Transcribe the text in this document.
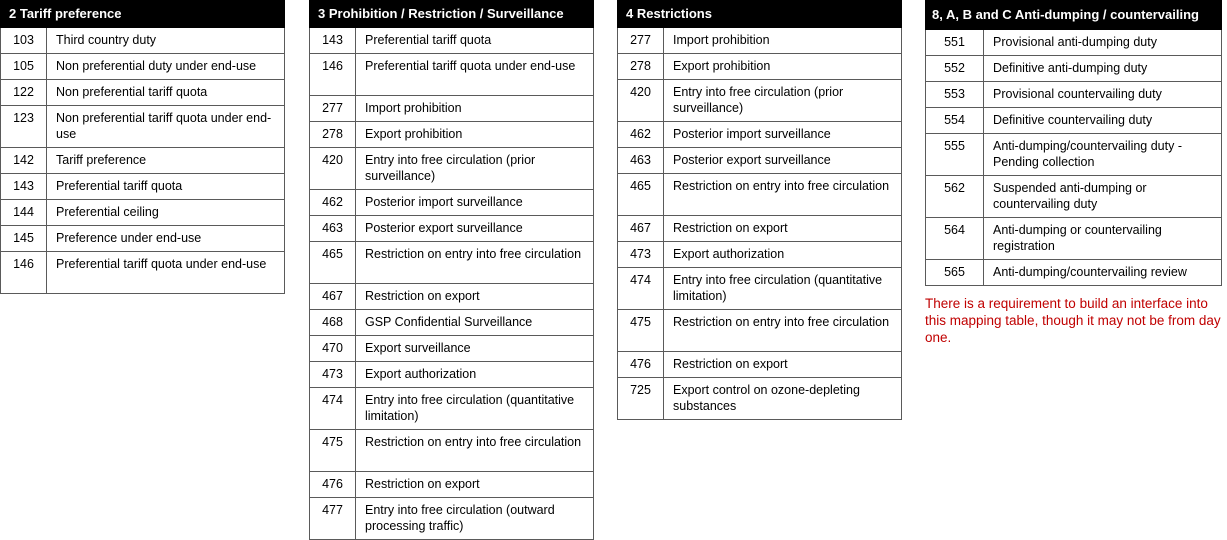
2 Tariff preference	
103	Third country duty
105	Non preferential duty under end-use
122	Non preferential tariff quota
123	Non preferential tariff quota under end-use
142	Tariff preference
143	Preferential tariff quota
144	Preferential ceiling
145	Preference under end-use
146	Preferential tariff quota under end-use
3 Prohibition / Restriction / Surveillance	
143	Preferential tariff quota
146	Preferential tariff quota under end-use
277	Import prohibition
278	Export prohibition
420	Entry into free circulation (prior surveillance)
462	Posterior import surveillance
463	Posterior export surveillance
465	Restriction on entry into free circulation
467	Restriction on export
468	GSP Confidential Surveillance
470	Export surveillance
473	Export authorization
474	Entry into free circulation (quantitative limitation)
475	Restriction on entry into free circulation
476	Restriction on export
477	Entry into free circulation (outward processing traffic)
4 Restrictions	
277	Import prohibition
278	Export prohibition
420	Entry into free circulation (prior surveillance)
462	Posterior import surveillance
463	Posterior export surveillance
465	Restriction on entry into free circulation
467	Restriction on export
473	Export authorization
474	Entry into free circulation (quantitative limitation)
475	Restriction on entry into free circulation
476	Restriction on export
725	Export control on ozone-depleting substances
8, A, B and C Anti-dumping / countervailing	
551	Provisional anti-dumping duty
552	Definitive anti-dumping duty
553	Provisional countervailing duty
554	Definitive countervailing duty
555	Anti-dumping/countervailing duty - Pending collection
562	Suspended anti-dumping or countervailing duty
564	Anti-dumping or countervailing registration
565	Anti-dumping/countervailing review
There is a requirement to build an interface into this mapping table, though it may not be from day one.
